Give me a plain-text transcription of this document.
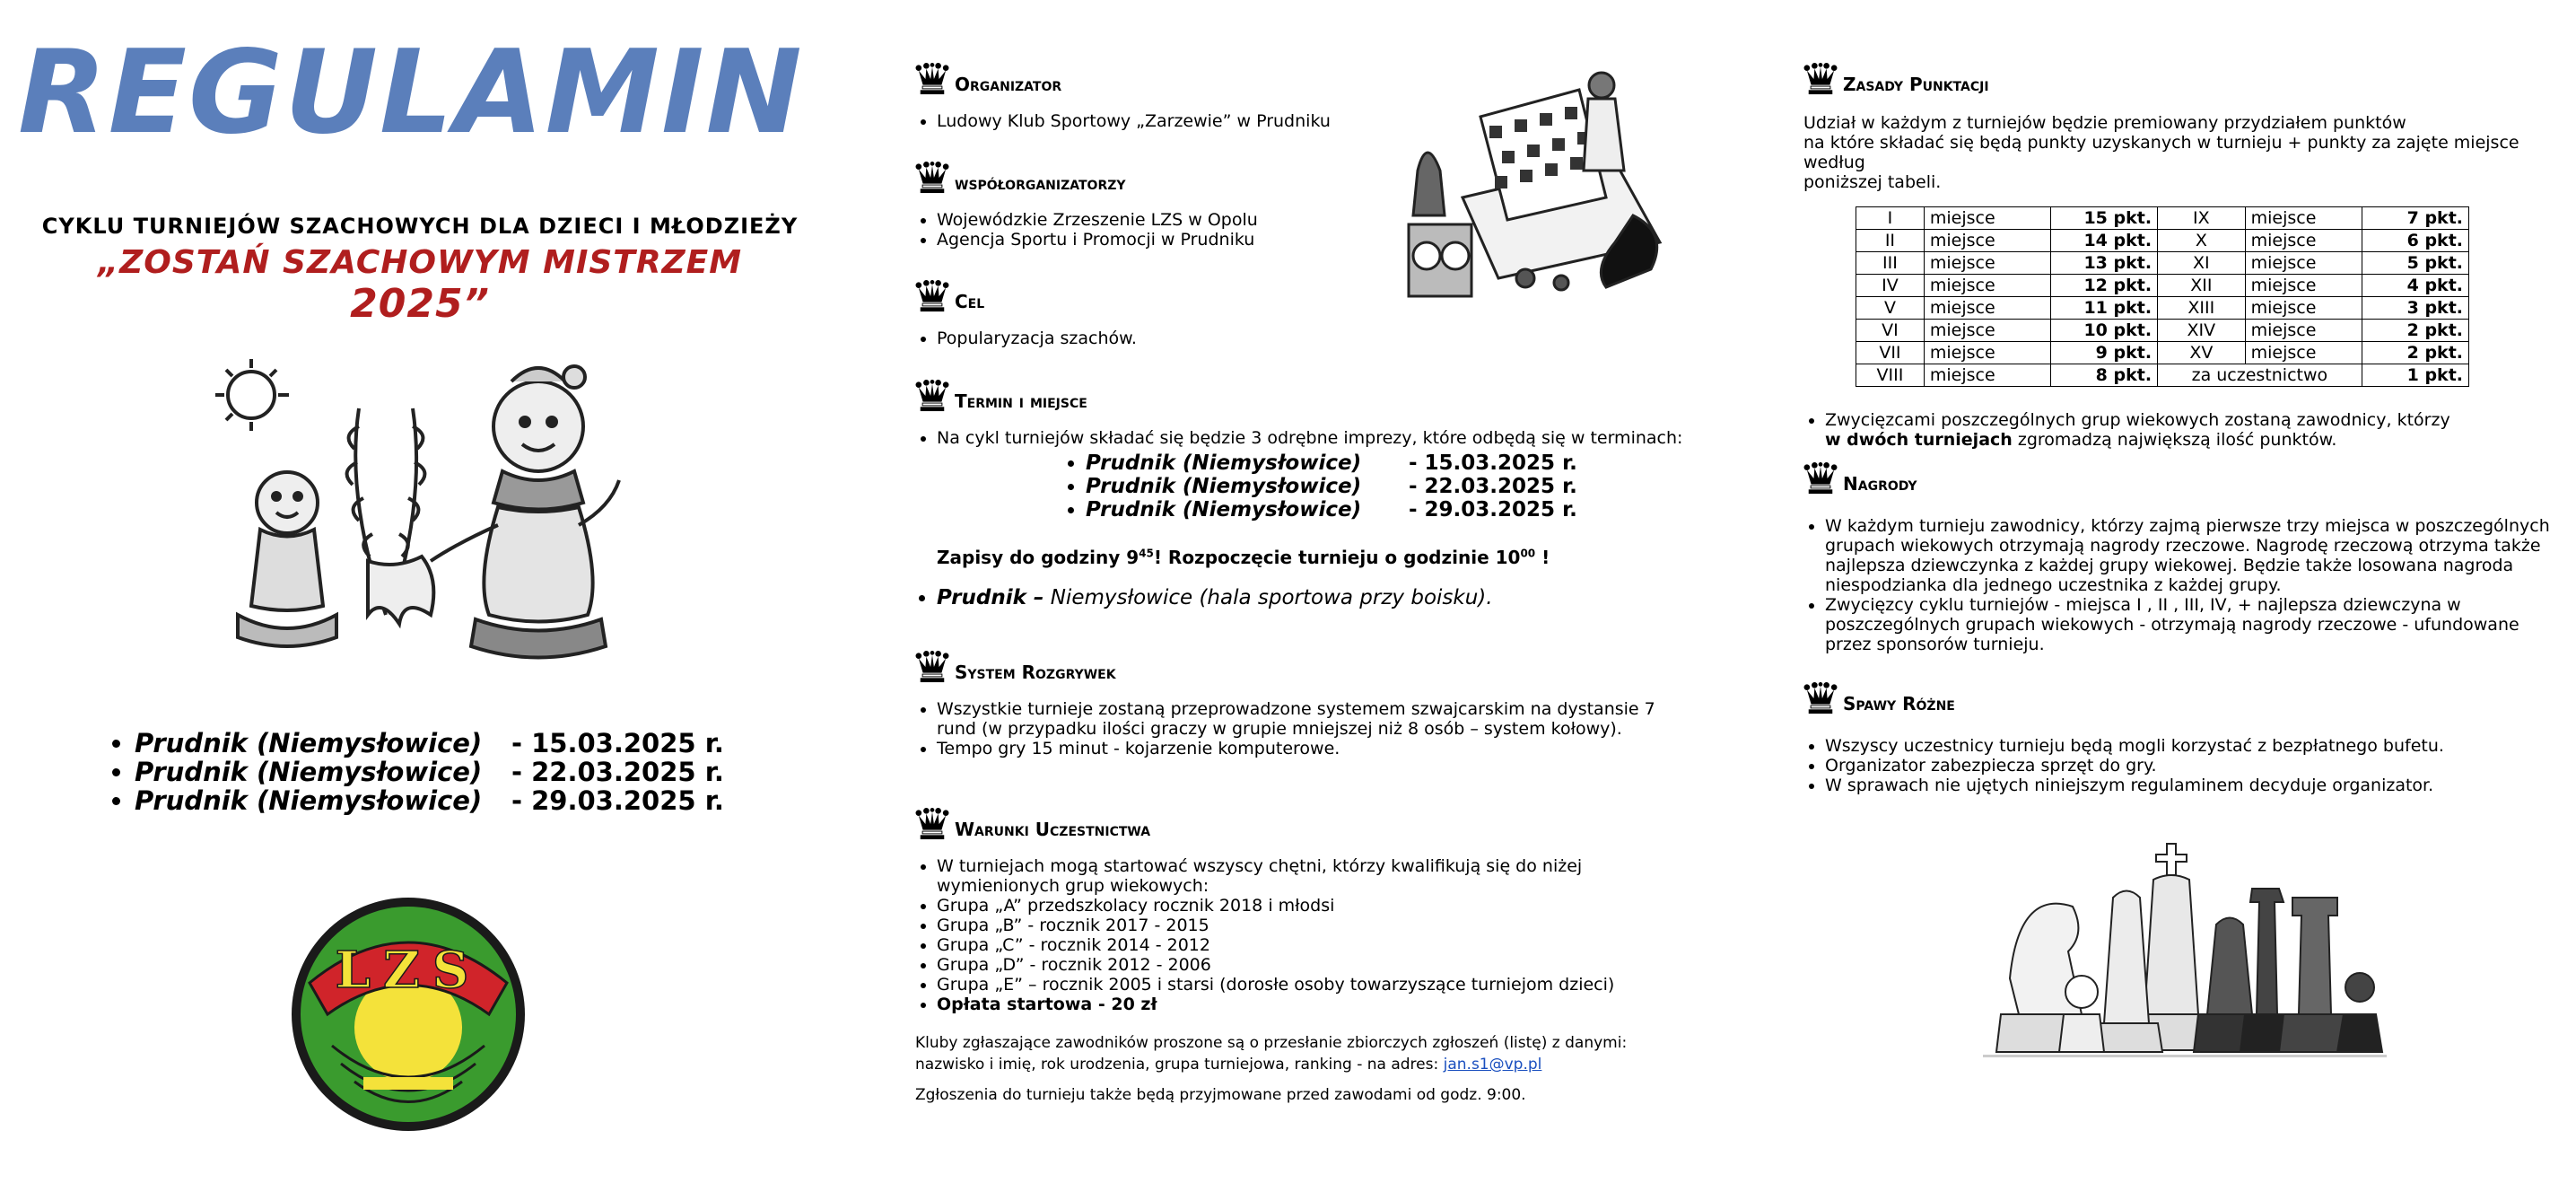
REGULAMIN
CYKLU TURNIEJÓW SZACHOWYCH DLA DZIECI I MŁODZIEŻY
„ZOSTAŃ SZACHOWYM MISTRZEM 2025”
• Prudnik (Niemysłowice) - 15.03.2025 r.
• Prudnik (Niemysłowice) - 22.03.2025 r.
• Prudnik (Niemysłowice) - 29.03.2025 r.
LZS
Organizator
• Ludowy Klub Sportowy „Zarzewie” w Prudniku
współorganizatorzy
• Wojewódzkie Zrzeszenie LZS w Opolu
• Agencja Sportu i Promocji w Prudniku
Cel
• Popularyzacja szachów.
Termin i miejsce
• Na cykl turniejów składać się będzie 3 odrębne imprezy, które odbędą się w terminach:
• Prudnik (Niemysłowice) - 15.03.2025 r.
• Prudnik (Niemysłowice) - 22.03.2025 r.
• Prudnik (Niemysłowice) - 29.03.2025 r.
Zapisy do godziny $9^{45}$! Rozpoczęcie turnieju o godzinie $10^{00}$ !
• Prudnik – Niemysłowice (hala sportowa przy boisku).
System Rozgrywek
• Wszystkie turnieje zostaną przeprowadzone systemem szwajcarskim na dystansie 7 rund (w przypadku ilości graczy w grupie mniejszej niż 8 osób – system kołowy).
• Tempo gry 15 minut - kojarzenie komputerowe.
Warunki Uczestnictwa
• W turniejach mogą startować wszyscy chętni, którzy kwalifikują się do niżej wymienionych grup wiekowych:
• Grupa „A” przedszkolacy rocznik 2018 i młodsi
• Grupa „B” - rocznik 2017 - 2015
• Grupa „C” - rocznik 2014 - 2012
• Grupa „D” - rocznik 2012 - 2006
• Grupa „E” – rocznik 2005 i starsi (dorosłe osoby towarzyszące turniejom dzieci)
• Opłata startowa - 20 zł
Kluby zgłaszające zawodników proszone są o przesłanie zbiorczych zgłoszeń (listę) z danymi:
nazwisko i imię, rok urodzenia, grupa turniejowa, ranking - na adres: jan.s1@vp.pl
Zgłoszenia do turnieju także będą przyjmowane przed zawodami od godz. 9:00.
Zasady Punktacji
Udział w każdym z turniejów będzie premiowany przydziałem punktów
na które składać się będą punkty uzyskanych w turnieju + punkty za zajęte miejsce według
poniższej tabeli.
I	miejsce	15 pkt.	IX	miejsce	7 pkt.
II	miejsce	14 pkt.	X	miejsce	6 pkt.
III	miejsce	13 pkt.	XI	miejsce	5 pkt.
IV	miejsce	12 pkt.	XII	miejsce	4 pkt.
V	miejsce	11 pkt.	XIII	miejsce	3 pkt.
VI	miejsce	10 pkt.	XIV	miejsce	2 pkt.
VII	miejsce	9 pkt.	XV	miejsce	2 pkt.
VIII	miejsce	8 pkt.	za uczestnictwo		1 pkt.
• Zwycięzcami poszczególnych grup wiekowych zostaną zawodnicy, którzy
w dwóch turniejach zgromadzą największą ilość punktów.
Nagrody
• W każdym turnieju zawodnicy, którzy zajmą pierwsze trzy miejsca w poszczególnych grupach wiekowych otrzymają nagrody rzeczowe. Nagrodę rzeczową otrzyma także najlepsza dziewczynka z każdej grupy wiekowej. Będzie także losowana nagroda niespodzianka dla jednego uczestnika z każdej grupy.
• Zwycięzcy cyklu turniejów - miejsca I , II , III, IV, + najlepsza dziewczyna w poszczególnych grupach wiekowych - otrzymają nagrody rzeczowe - ufundowane przez sponsorów turnieju.
Spawy Różne
• Wszyscy uczestnicy turnieju będą mogli korzystać z bezpłatnego bufetu.
• Organizator zabezpiecza sprzęt do gry.
• W sprawach nie ujętych niniejszym regulaminem decyduje organizator.
